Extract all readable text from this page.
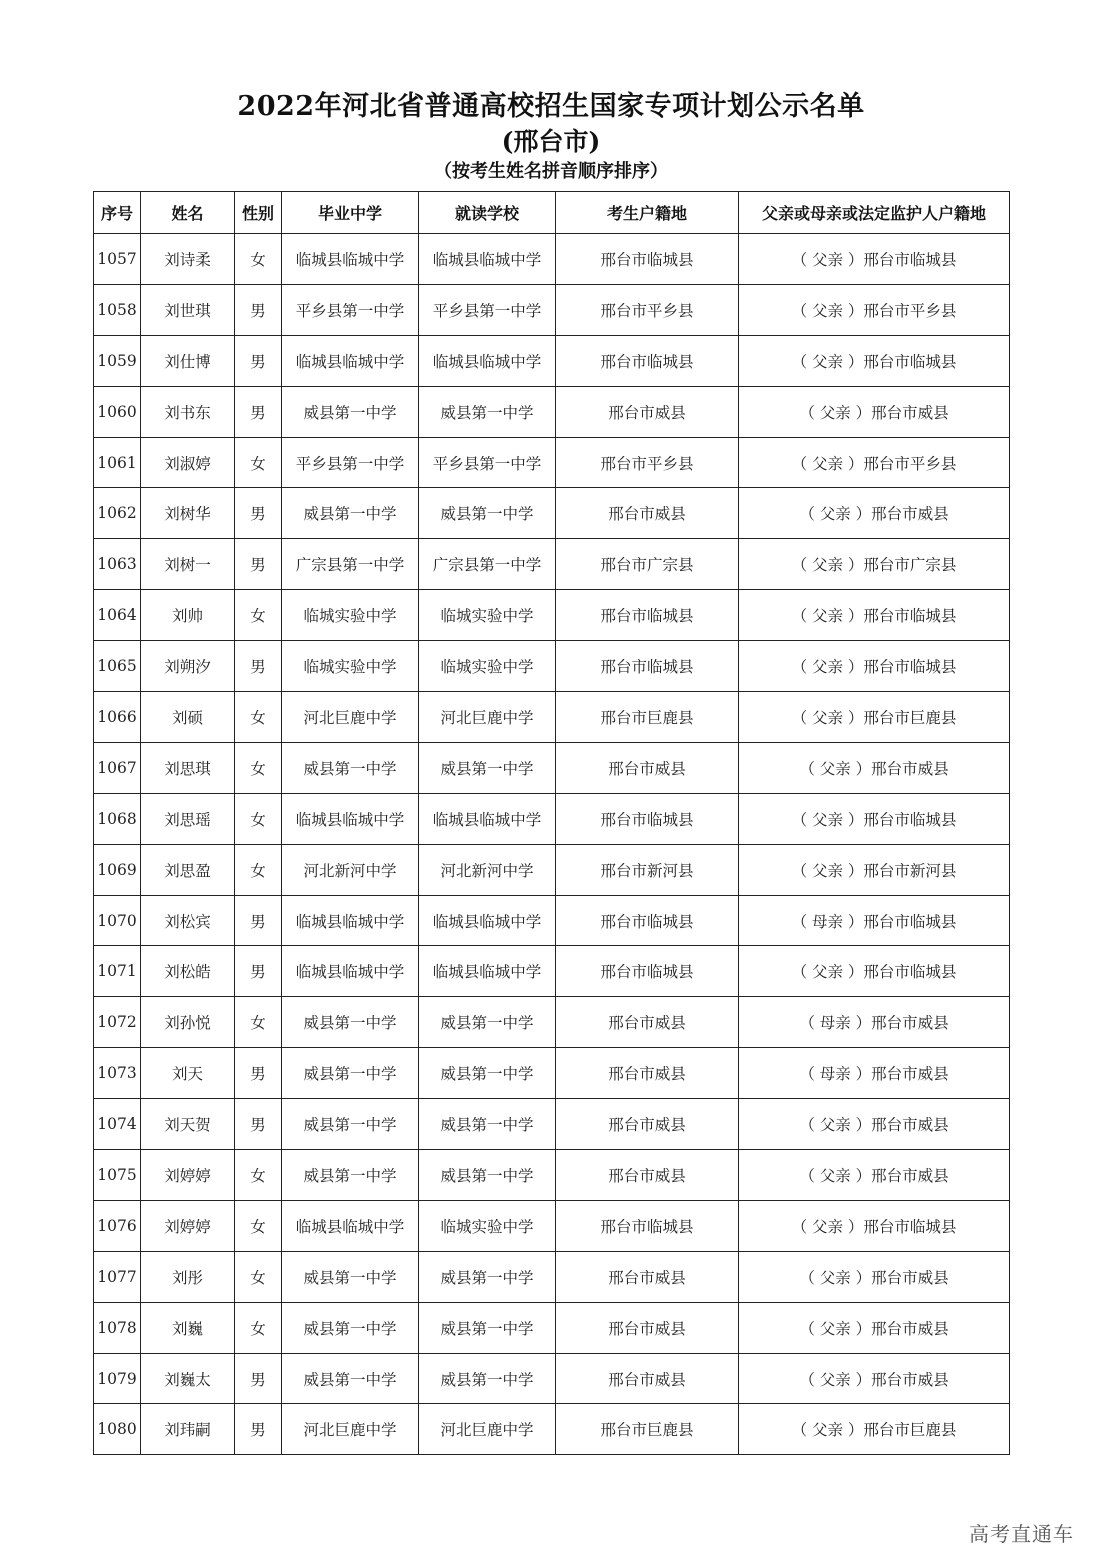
2022年河北省普通高校招生国家专项计划公示名单
(邢台市)
（按考生姓名拼音顺序排序）
序号	姓名	性别	毕业中学	就读学校	考生户籍地	父亲或母亲或法定监护人户籍地
1057	刘诗柔	女	临城县临城中学	临城县临城中学	邢台市临城县	（ 父亲 ）邢台市临城县
1058	刘世琪	男	平乡县第一中学	平乡县第一中学	邢台市平乡县	（ 父亲 ）邢台市平乡县
1059	刘仕博	男	临城县临城中学	临城县临城中学	邢台市临城县	（ 父亲 ）邢台市临城县
1060	刘书东	男	威县第一中学	威县第一中学	邢台市威县	（ 父亲 ）邢台市威县
1061	刘淑婷	女	平乡县第一中学	平乡县第一中学	邢台市平乡县	（ 父亲 ）邢台市平乡县
1062	刘树华	男	威县第一中学	威县第一中学	邢台市威县	（ 父亲 ）邢台市威县
1063	刘树一	男	广宗县第一中学	广宗县第一中学	邢台市广宗县	（ 父亲 ）邢台市广宗县
1064	刘帅	女	临城实验中学	临城实验中学	邢台市临城县	（ 父亲 ）邢台市临城县
1065	刘朔汐	男	临城实验中学	临城实验中学	邢台市临城县	（ 父亲 ）邢台市临城县
1066	刘硕	女	河北巨鹿中学	河北巨鹿中学	邢台市巨鹿县	（ 父亲 ）邢台市巨鹿县
1067	刘思琪	女	威县第一中学	威县第一中学	邢台市威县	（ 父亲 ）邢台市威县
1068	刘思瑶	女	临城县临城中学	临城县临城中学	邢台市临城县	（ 父亲 ）邢台市临城县
1069	刘思盈	女	河北新河中学	河北新河中学	邢台市新河县	（ 父亲 ）邢台市新河县
1070	刘松宾	男	临城县临城中学	临城县临城中学	邢台市临城县	（ 母亲 ）邢台市临城县
1071	刘松皓	男	临城县临城中学	临城县临城中学	邢台市临城县	（ 父亲 ）邢台市临城县
1072	刘孙悦	女	威县第一中学	威县第一中学	邢台市威县	（ 母亲 ）邢台市威县
1073	刘天	男	威县第一中学	威县第一中学	邢台市威县	（ 母亲 ）邢台市威县
1074	刘天贺	男	威县第一中学	威县第一中学	邢台市威县	（ 父亲 ）邢台市威县
1075	刘婷婷	女	威县第一中学	威县第一中学	邢台市威县	（ 父亲 ）邢台市威县
1076	刘婷婷	女	临城县临城中学	临城实验中学	邢台市临城县	（ 父亲 ）邢台市临城县
1077	刘彤	女	威县第一中学	威县第一中学	邢台市威县	（ 父亲 ）邢台市威县
1078	刘巍	女	威县第一中学	威县第一中学	邢台市威县	（ 父亲 ）邢台市威县
1079	刘巍太	男	威县第一中学	威县第一中学	邢台市威县	（ 父亲 ）邢台市威县
1080	刘玮嗣	男	河北巨鹿中学	河北巨鹿中学	邢台市巨鹿县	（ 父亲 ）邢台市巨鹿县
高考直通车
